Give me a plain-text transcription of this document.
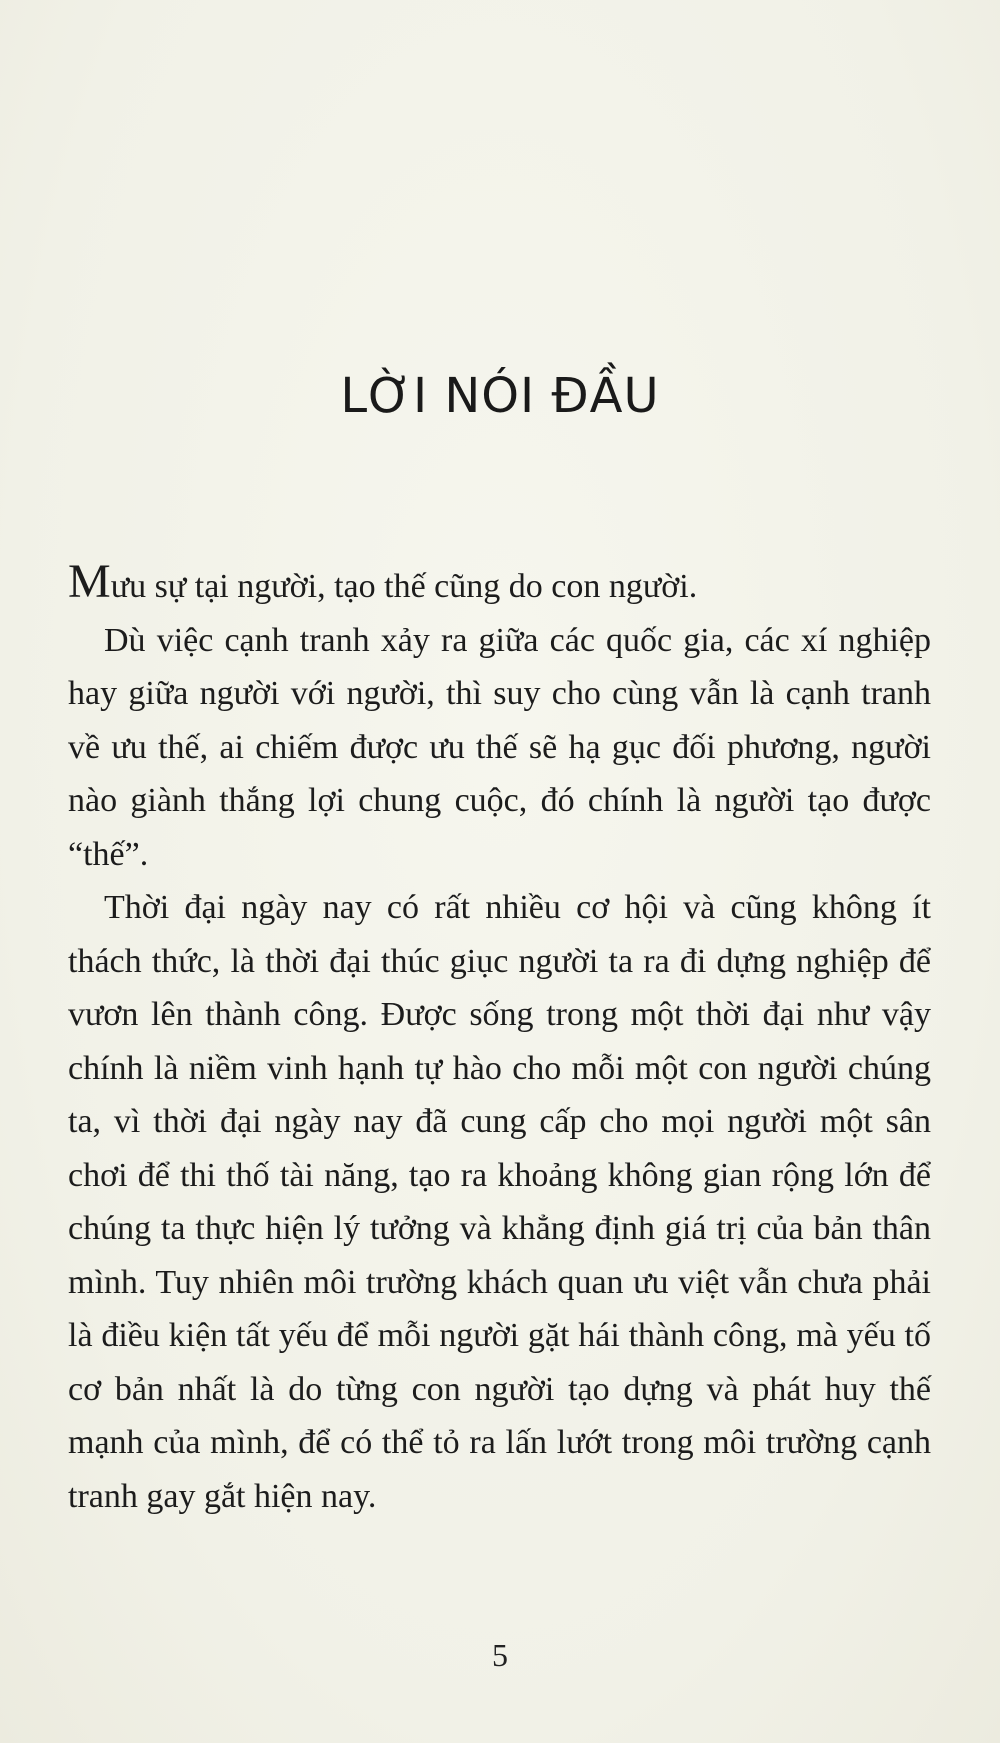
LỜI NÓI ĐẦU

Mưu sự tại người, tạo thế cũng do con người.

Dù việc cạnh tranh xảy ra giữa các quốc gia, các xí nghiệp hay giữa người với người, thì suy cho cùng vẫn là cạnh tranh về ưu thế, ai chiếm được ưu thế sẽ hạ gục đối phương, người nào giành thắng lợi chung cuộc, đó chính là người tạo được “thế”.

Thời đại ngày nay có rất nhiều cơ hội và cũng không ít thách thức, là thời đại thúc giục người ta ra đi dựng nghiệp để vươn lên thành công. Được sống trong một thời đại như vậy chính là niềm vinh hạnh tự hào cho mỗi một con người chúng ta, vì thời đại ngày nay đã cung cấp cho mọi người một sân chơi để thi thố tài năng, tạo ra khoảng không gian rộng lớn để chúng ta thực hiện lý tưởng và khẳng định giá trị của bản thân mình. Tuy nhiên môi trường khách quan ưu việt vẫn chưa phải là điều kiện tất yếu để mỗi người gặt hái thành công, mà yếu tố cơ bản nhất là do từng con người tạo dựng và phát huy thế mạnh của mình, để có thể tỏ ra lấn lướt trong môi trường cạnh tranh gay gắt hiện nay.

5
